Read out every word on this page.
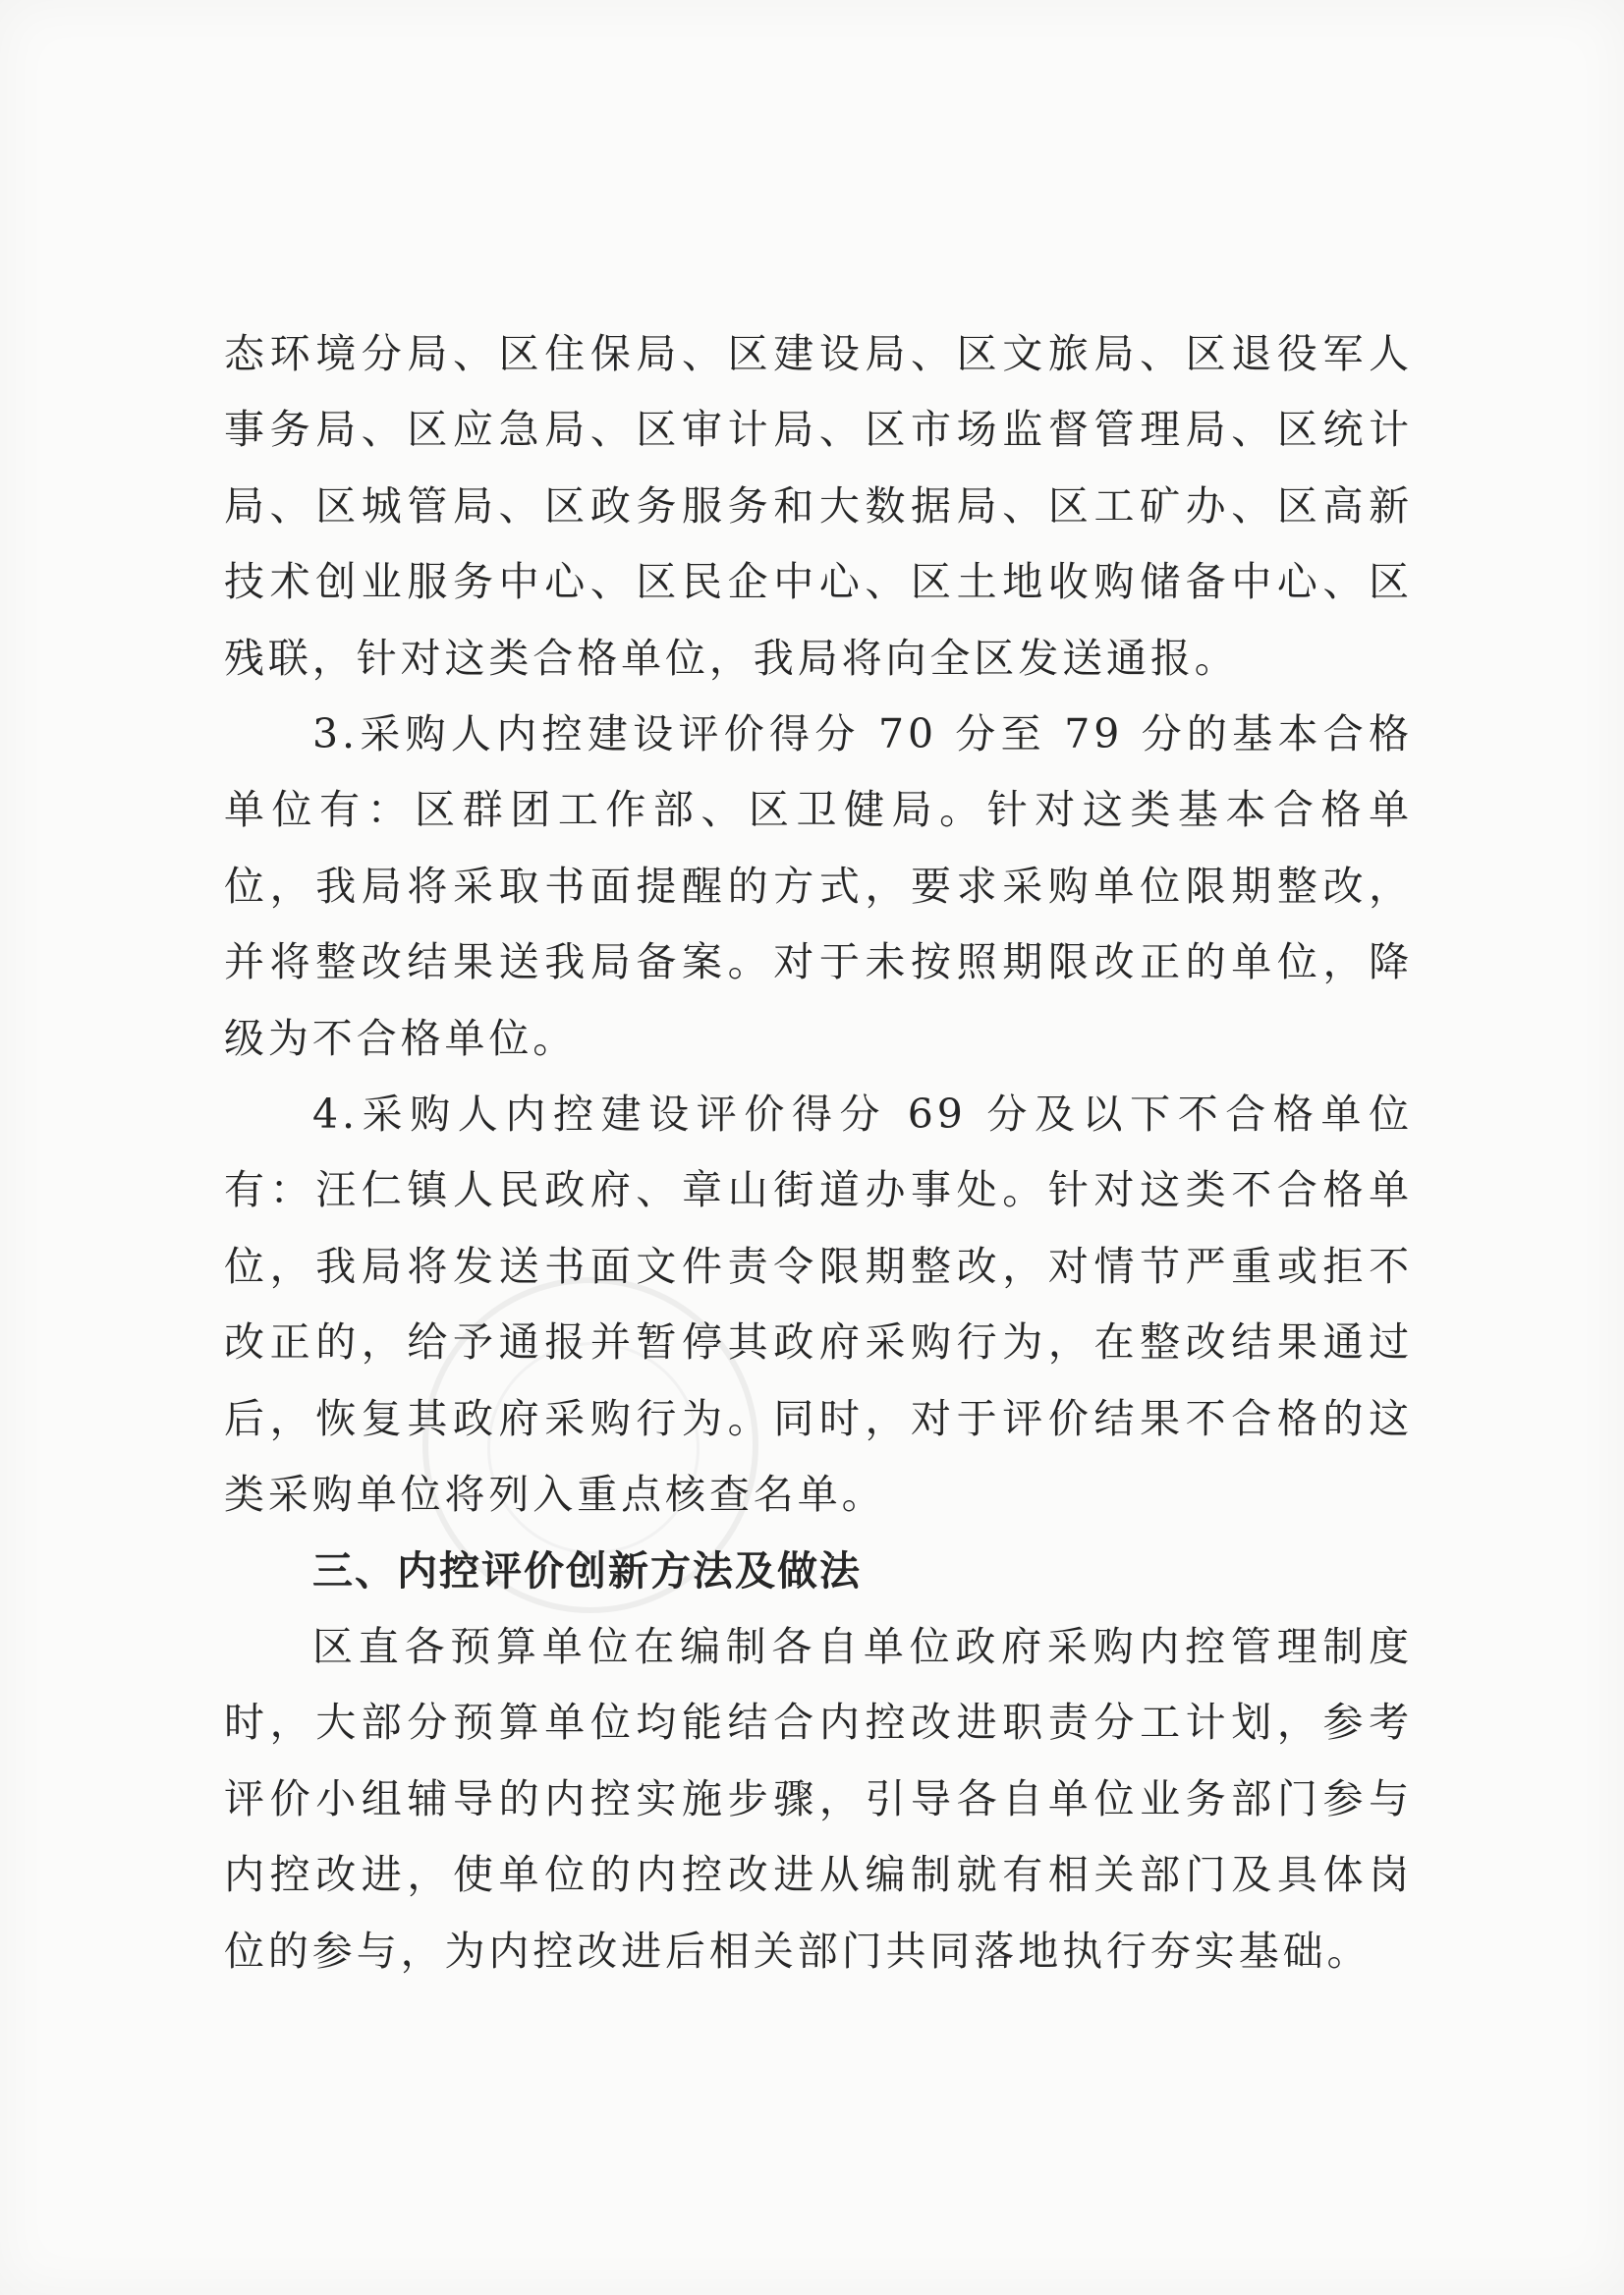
态环境分局、区住保局、区建设局、区文旅局、区退役军人事务局、区应急局、区审计局、区市场监督管理局、区统计局、区城管局、区政务服务和大数据局、区工矿办、区高新技术创业服务中心、区民企中心、区土地收购储备中心、区残联，针对这类合格单位，我局将向全区发送通报。

3.采购人内控建设评价得分 70 分至 79 分的基本合格单位有：区群团工作部、区卫健局。针对这类基本合格单位，我局将采取书面提醒的方式，要求采购单位限期整改，并将整改结果送我局备案。对于未按照期限改正的单位，降级为不合格单位。

4.采购人内控建设评价得分 69 分及以下不合格单位有：汪仁镇人民政府、章山街道办事处。针对这类不合格单位，我局将发送书面文件责令限期整改，对情节严重或拒不改正的，给予通报并暂停其政府采购行为，在整改结果通过后，恢复其政府采购行为。同时，对于评价结果不合格的这类采购单位将列入重点核查名单。

三、内控评价创新方法及做法

区直各预算单位在编制各自单位政府采购内控管理制度时，大部分预算单位均能结合内控改进职责分工计划，参考评价小组辅导的内控实施步骤，引导各自单位业务部门参与内控改进，使单位的内控改进从编制就有相关部门及具体岗位的参与，为内控改进后相关部门共同落地执行夯实基础。
